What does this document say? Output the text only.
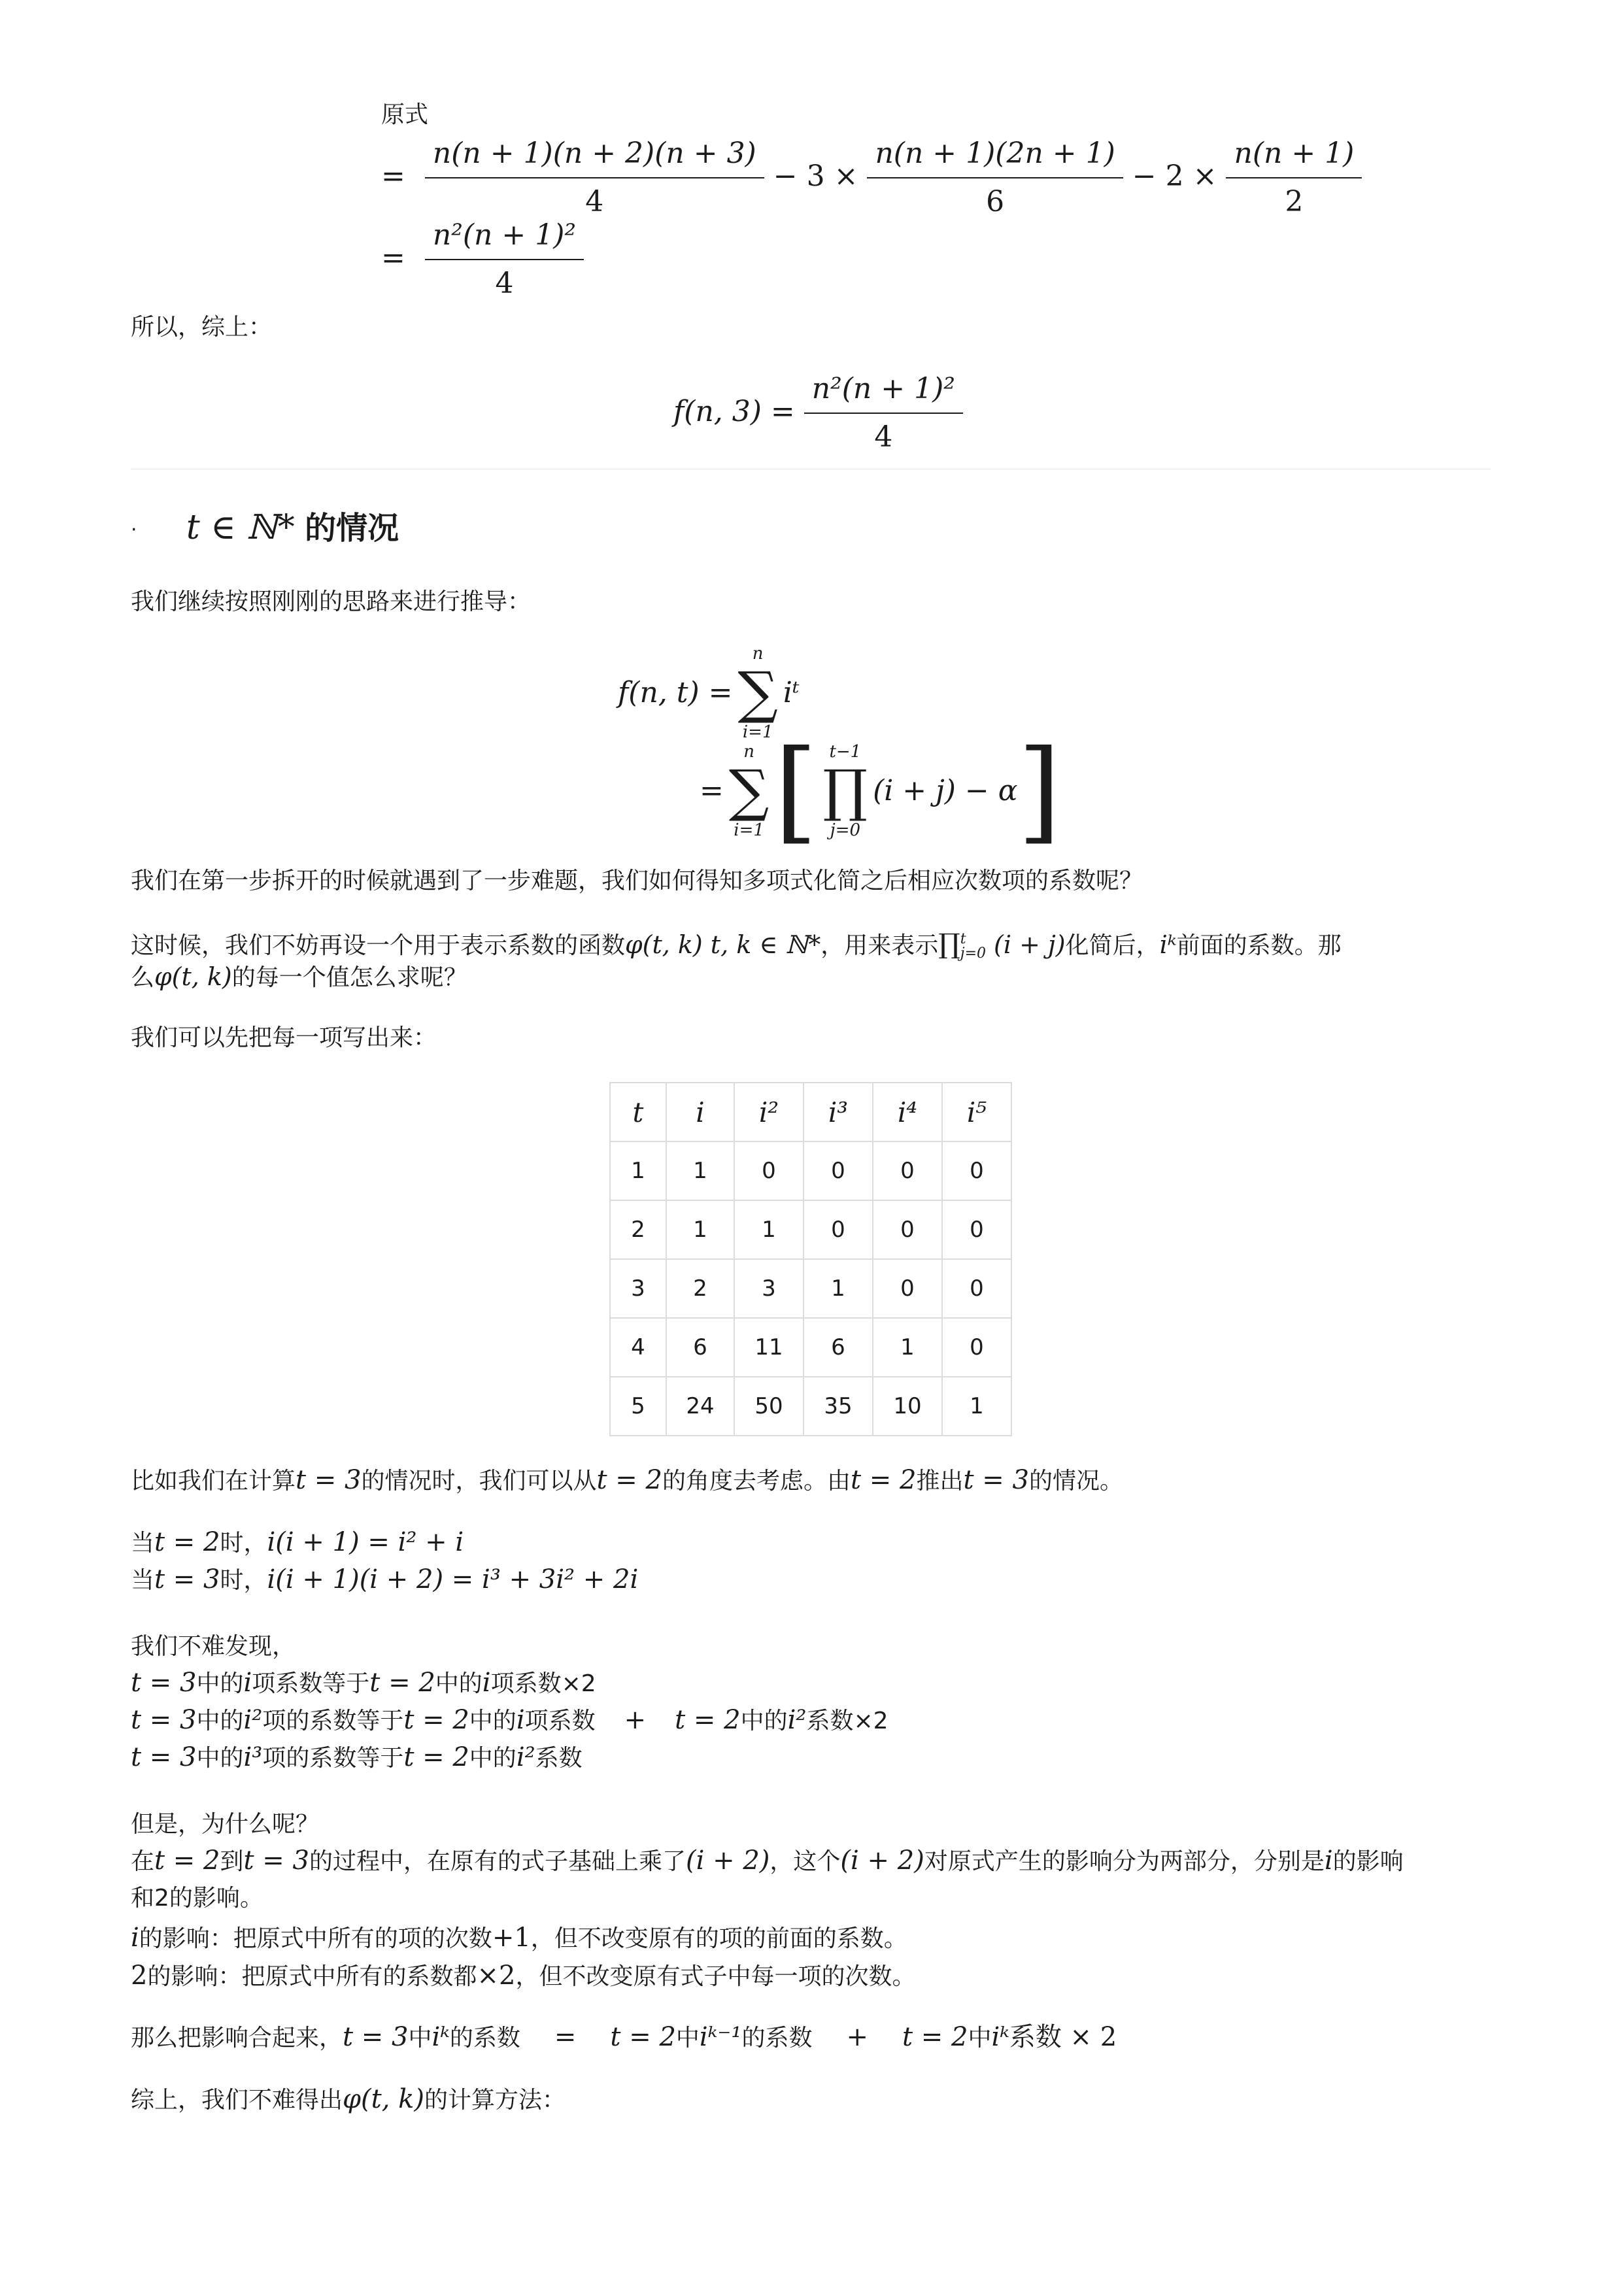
原式
= $\frac{n(n + 1)(n + 2)(n + 3)}{4} - 3 \times \frac{n(n + 1)(2n + 1)}{6} - 2 \times \frac{n(n + 1)}{2}$
= $\frac{\text{n²(n + 1)²}}{4}$
所以，综上：
f(n, $3) = \frac{\text{n²(n + 1)²}}{4}$
· t ∈ ℕ* 的情况
我们继续按照刚刚的思路来进行推导：
f(n, t) =
n
∑
i=1
iᵗ
=
n
∑
i=1 [ t−1
∏
j=0
(i + j) − α ]
我们在第一步拆开的时候就遇到了一步难题，我们如何得知多项式化简之后相应次数项的系数呢？
这时候，我们不妨再设一个用于表示系数的函数φ(t, k) t, k ∈ ℕ*，用来表示∏ t
j=0 (i + j)化简后，iᵏ前面的系数。那
么φ(t, k)的每一个值怎么求呢？
我们可以先把每一项写出来：
t	i	i²	i³	i⁴	i⁵
1	1	0	0	0	0
2	1	1	0	0	0
3	2	3	1	0	0
4	6	11	6	1	0
5	24	50	35	10	1
比如我们在计算t = 3的情况时，我们可以从t = 2的角度去考虑。由t = 2推出t = 3的情况。
当t = 2时，i(i + 1) = i² + i
当t = 3时，i(i + 1)(i + 2) = i³ + 3i² + 2i
我们不难发现，
t = 3中的i项系数等于t = 2中的i项系数×2
t = 3中的i²项的系数等于t = 2中的i项系数 + t = 2中的i²系数×2
t = 3中的i³项的系数等于t = 2中的i²系数
但是，为什么呢？
在t = 2到t = 3的过程中，在原有的式子基础上乘了(i + 2)，这个(i + 2)对原式产生的影响分为两部分，分别是i的影响
和2的影响。
i的影响：把原式中所有的项的次数+1，但不改变原有的项的前面的系数。
2的影响：把原式中所有的系数都×2，但不改变原有式子中每一项的次数。
那么把影响合起来，t = 3中iᵏ的系数 = t = 2中iᵏ⁻¹的系数 + t = 2中iᵏ系数 × 2
综上，我们不难得出φ(t, k)的计算方法：
